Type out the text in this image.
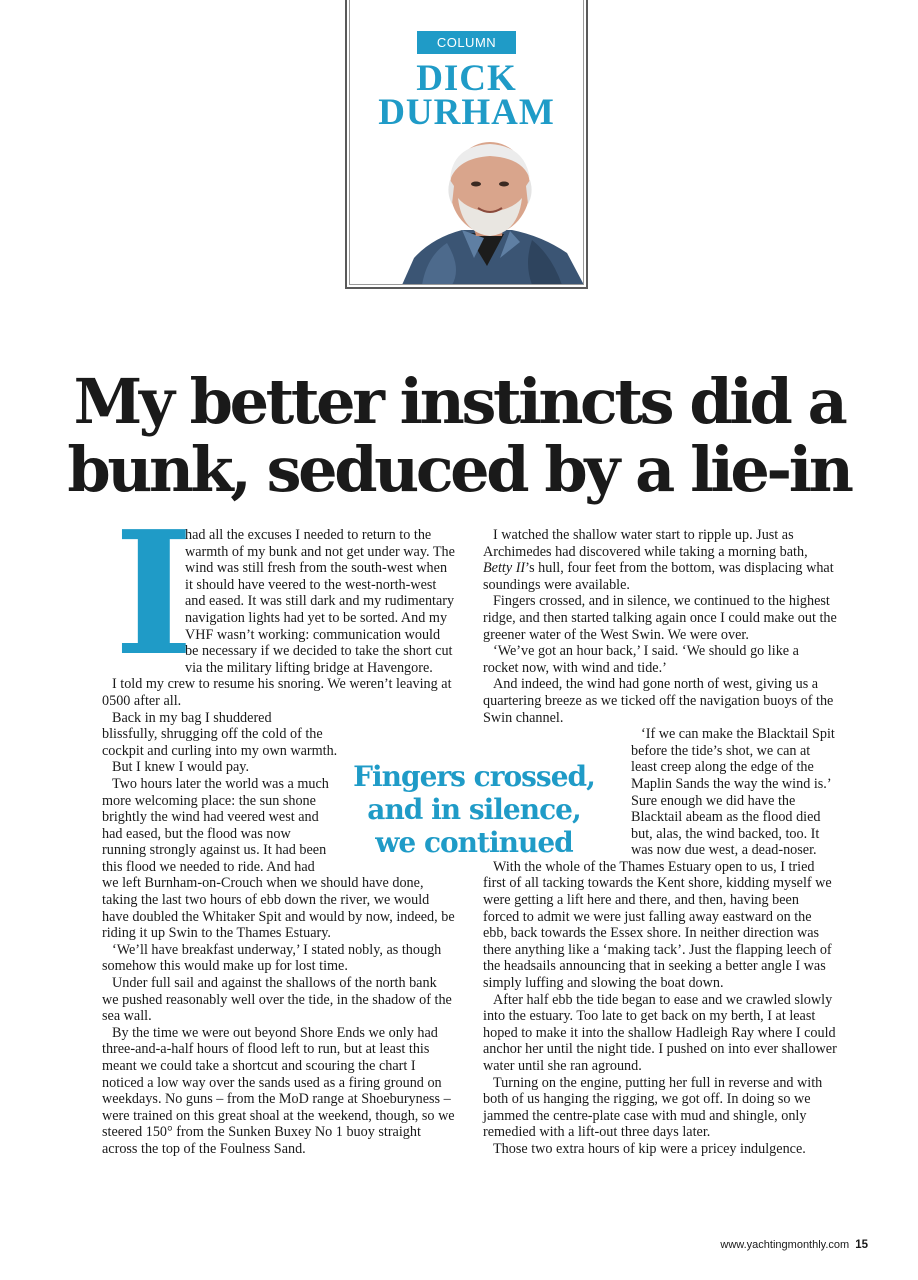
COLUMN
DICK
DURHAM
My better instincts did a
bunk, seduced by a lie-in
I

had all the excuses I needed to return to the warmth of my bunk and not get under way. The wind was still fresh from the south-west when it should have veered to the west-north-west and eased. It was still dark and my rudimentary navigation lights had yet to be sorted. And my VHF wasn’t working: communication would be necessary if we decided to take the short cut via the military lifting bridge at Havengore.

I told my crew to resume his snoring. We weren’t leaving at 0500 after all.

Back in my bag I shuddered blissfully, shrugging off the cold of the cockpit and curling into my own warmth.

But I knew I would pay.

Two hours later the world was a much more welcoming place: the sun shone brightly the wind had veered west and had eased, but the flood was now running strongly against us. It had been this flood we needed to ride. And had we left Burnham-on-Crouch when we should have done, taking the last two hours of ebb down the river, we would have doubled the Whitaker Spit and would by now, indeed, be riding it up Swin to the Thames Estuary.

‘We’ll have breakfast underway,’ I stated nobly, as though somehow this would make up for lost time.

Under full sail and against the shallows of the north bank we pushed reasonably well over the tide, in the shadow of the sea wall.

By the time we were out beyond Shore Ends we only had three-and-a-half hours of flood left to run, but at least this meant we could take a shortcut and scouring the chart I noticed a low way over the sands used as a firing ground on weekdays. No guns – from the MoD range at Shoeburyness – were trained on this great shoal at the weekend, though, so we steered 150° from the Sunken Buxey No 1 buoy straight across the top of the Foulness Sand.

I watched the shallow water start to ripple up. Just as Archimedes had discovered while taking a morning bath, Betty II’s hull, four feet from the bottom, was displacing what soundings were available.

Fingers crossed, and in silence, we continued to the highest ridge, and then started talking again once I could make out the greener water of the West Swin. We were over.

‘We’ve got an hour back,’ I said. ‘We should go like a rocket now, with wind and tide.’

And indeed, the wind had gone north of west, giving us a quartering breeze as we ticked off the navigation buoys of the Swin channel.

‘If we can make the Blacktail Spit before the tide’s shot, we can at least creep along the edge of the Maplin Sands the way the wind is.’ Sure enough we did have the Blacktail abeam as the flood died but, alas, the wind backed, too. It was now due west, a dead-noser.

With the whole of the Thames Estuary open to us, I tried first of all tacking towards the Kent shore, kidding myself we were getting a lift here and there, and then, having been forced to admit we were just falling away eastward on the ebb, back towards the Essex shore. In neither direction was there anything like a ‘making tack’. Just the flapping leech of the headsails announcing that in seeking a better angle I was simply luffing and slowing the boat down.

After half ebb the tide began to ease and we crawled slowly into the estuary. Too late to get back on my berth, I at least hoped to make it into the shallow Hadleigh Ray where I could anchor her until the night tide. I pushed on into ever shallower water until she ran aground.

Turning on the engine, putting her full in reverse and with both of us hanging the rigging, we got off. In doing so we jammed the centre-plate case with mud and shingle, only remedied with a lift-out three days later.

Those two extra hours of kip were a pricey indulgence.

Fingers crossed, and in silence, we continued
www.yachtingmonthly.com 15
